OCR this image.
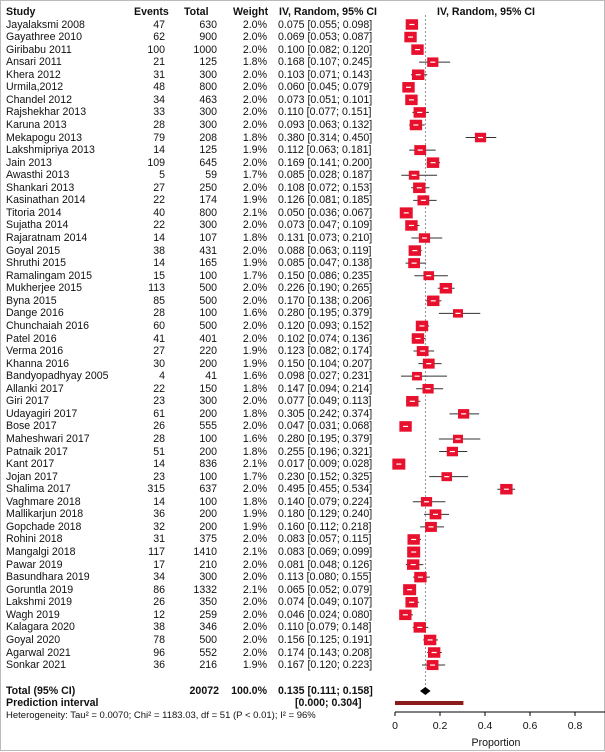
Study	Events Total Weight IV, Random, 95% CI	IV, Random, 95% CI
Jayalaksmi 2008	47	630	2.0% 0.075 [0.055; 0.098]
Gayathree 2010	62	900	2.0% 0.069 [0.053; 0.087]
Giribabu 2011	100	1000	2.0% 0.100 [0.082; 0.120]
Ansari 2011	21	125	1.8% 0.168 [0.107; 0.245]
Khera 2012	31	300	2.0% 0.103 [0.071; 0.143]
Urmila,2012	48	800	2.0% 0.060 [0.045; 0.079]
Chandel 2012	34	463	2.0% 0.073 [0.051; 0.101]
Rajshekhar 2013	33	300	2.0% 0.110 [0.077; 0.151]
Karuna 2013	28	300	2.0% 0.093 [0.063; 0.132]
Mekapogu 2013	79	208	1.8% 0.380 [0.314; 0.450]
Lakshmipriya 2013	14	125	1.9% 0.112 [0.063; 0.181]
Jain 2013	109	645	2.0% 0.169 [0.141; 0.200]
Awasthi 2013	5	59	1.7% 0.085 [0.028; 0.187]
Shankari 2013	27	250	2.0% 0.108 [0.072; 0.153]
Kasinathan 2014	22	174	1.9% 0.126 [0.081; 0.185]
Titoria 2014	40	800	2.1% 0.050 [0.036; 0.067]
Sujatha 2014	22	300	2.0% 0.073 [0.047; 0.109]
Rajaratnam 2014	14	107	1.8% 0.131 [0.073; 0.210]
Goyal 2015	38	431	2.0% 0.088 [0.063; 0.119]
Shruthi 2015	14	165	1.9% 0.085 [0.047; 0.138]
Ramalingam 2015	15	100	1.7% 0.150 [0.086; 0.235]
Mukherjee 2015	113	500	2.0% 0.226 [0.190; 0.265]
Byna 2015	85	500	2.0% 0.170 [0.138; 0.206]
Dange 2016	28	100	1.6% 0.280 [0.195; 0.379]
Chunchaiah 2016	60	500	2.0% 0.120 [0.093; 0.152]
Patel 2016	41	401	2.0% 0.102 [0.074; 0.136]
Verma 2016	27	220	1.9% 0.123 [0.082; 0.174]
Khanna 2016	30	200	1.9% 0.150 [0.104; 0.207]
Bandyopadhyay 2005	4	41	1.6% 0.098 [0.027; 0.231]
Allanki 2017	22	150	1.8% 0.147 [0.094; 0.214]
Giri 2017	23	300	2.0% 0.077 [0.049; 0.113]
Udayagiri 2017	61	200	1.8% 0.305 [0.242; 0.374]
Bose 2017	26	555	2.0% 0.047 [0.031; 0.068]
Maheshwari 2017	28	100	1.6% 0.280 [0.195; 0.379]
Patnaik 2017	51	200	1.8% 0.255 [0.196; 0.321]
Kant 2017	14	836	2.1% 0.017 [0.009; 0.028]
Jojan 2017	23	100	1.7% 0.230 [0.152; 0.325]
Shalima 2017	315	637	2.0% 0.495 [0.455; 0.534]
Vaghmare 2018	14	100	1.8% 0.140 [0.079; 0.224]
Mallikarjun 2018	36	200	1.9% 0.180 [0.129; 0.240]
Gopchade 2018	32	200	1.9% 0.160 [0.112; 0.218]
Rohini 2018	31	375	2.0% 0.083 [0.057; 0.115]
Mangalgi 2018	117	1410	2.1% 0.083 [0.069; 0.099]
Pawar 2019	17	210	2.0% 0.081 [0.048; 0.126]
Basundhara 2019	34	300	2.0% 0.113 [0.080; 0.155]
Goruntla 2019	86	1332	2.1% 0.065 [0.052; 0.079]
Lakshmi 2019	26	350	2.0% 0.074 [0.049; 0.107]
Wagh 2019	12	259	2.0% 0.046 [0.024; 0.080]
Kalagara 2020	38	346	2.0% 0.110 [0.079; 0.148]
Goyal 2020	78	500	2.0% 0.156 [0.125; 0.191]
Agarwal 2021	96	552	2.0% 0.174 [0.143; 0.208]
Sonkar 2021	36	216	1.9% 0.167 [0.120; 0.223]
Total (95% CI)	20072	100.0% 0.135 [0.111; 0.158]
Prediction interval	[0.000; 0.304]
Heterogeneity: Tau² = 0.0070; Chi² = 1183.03, df = 51 (P < 0.01); I² = 96%
Proportion
0	0.2	0.4	0.6	0.8
